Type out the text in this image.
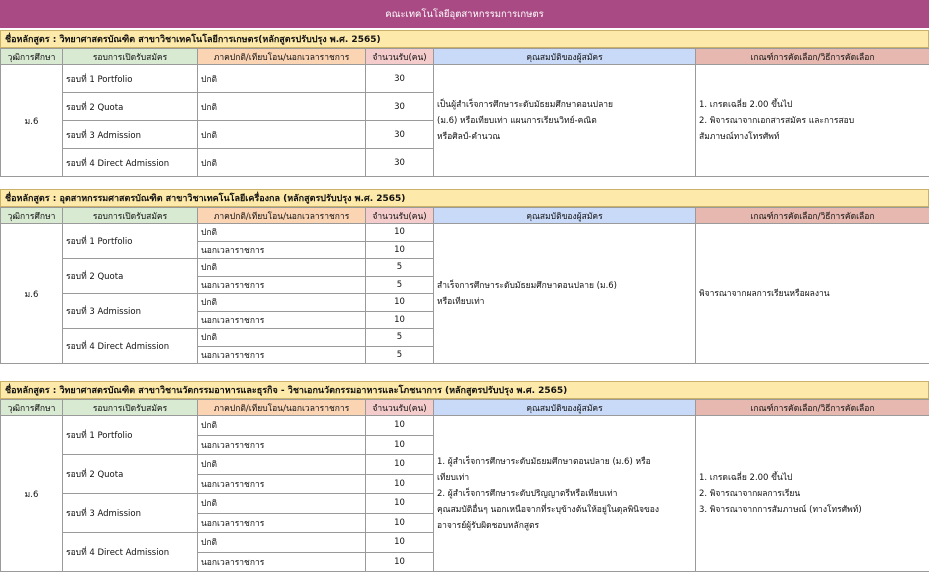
คณะเทคโนโลยีอุตสาหกรรมการเกษตร
ชื่อหลักสูตร : วิทยาศาสตรบัณฑิต สาขาวิชาเทคโนโลยีการเกษตร(หลักสูตรปรับปรุง พ.ศ. 2565)
วุฒิการศึกษา	รอบการเปิดรับสมัคร	ภาคปกติ/เทียบโอน/นอกเวลาราชการ	จำนวนรับ(คน)	คุณสมบัติของผู้สมัคร	เกณฑ์การคัดเลือก/วิธีการคัดเลือก
ม.6	รอบที่ 1 Portfolio	ปกติ	30	เป็นผู้สำเร็จการศึกษาระดับมัธยมศึกษาตอนปลาย
(ม.6) หรือเทียบเท่า แผนการเรียนวิทย์-คณิต
หรือศิลป์-คำนวณ	1. เกรดเฉลี่ย 2.00 ขึ้นไป
2. พิจารณาจากเอกสารสมัคร และการสอบ
สัมภาษณ์ทางโทรศัพท์

	รอบที่ 2 Quota	ปกติ	30		
	รอบที่ 3 Admission	ปกติ	30		
	รอบที่ 4 Direct Admission	ปกติ	30		
ชื่อหลักสูตร : อุตสาหกรรมศาสตรบัณฑิต สาขาวิชาเทคโนโลยีเครื่องกล (หลักสูตรปรับปรุง พ.ศ. 2565)
วุฒิการศึกษา	รอบการเปิดรับสมัคร	ภาคปกติ/เทียบโอน/นอกเวลาราชการ	จำนวนรับ(คน)	คุณสมบัติของผู้สมัคร	เกณฑ์การคัดเลือก/วิธีการคัดเลือก
ม.6	รอบที่ 1 Portfolio	ปกติ	10	สำเร็จการศึกษาระดับมัธยมศึกษาตอนปลาย (ม.6)
หรือเทียบเท่า	พิจารณาจากผลการเรียนหรือผลงาน

		นอกเวลาราชการ	10		
	รอบที่ 2 Quota	ปกติ	5		
		นอกเวลาราชการ	5		
	รอบที่ 3 Admission	ปกติ	10		
		นอกเวลาราชการ	10		
	รอบที่ 4 Direct Admission	ปกติ	5		
		นอกเวลาราชการ	5		
ชื่อหลักสูตร : วิทยาศาสตรบัณฑิต สาขาวิชานวัตกรรมอาหารและธุรกิจ - วิชาเอกนวัตกรรมอาหารและโภชนาการ (หลักสูตรปรับปรุง พ.ศ. 2565)
วุฒิการศึกษา	รอบการเปิดรับสมัคร	ภาคปกติ/เทียบโอน/นอกเวลาราชการ	จำนวนรับ(คน)	คุณสมบัติของผู้สมัคร	เกณฑ์การคัดเลือก/วิธีการคัดเลือก
ม.6	รอบที่ 1 Portfolio	ปกติ	10	1. ผู้สำเร็จการศึกษาระดับมัธยมศึกษาตอนปลาย (ม.6) หรือ
เทียบเท่า
2. ผู้สำเร็จการศึกษาระดับปริญญาตรีหรือเทียบเท่า
คุณสมบัติอื่นๆ นอกเหนือจากที่ระบุข้างต้นให้อยู่ในดุลพินิจของ
อาจารย์ผู้รับผิดชอบหลักสูตร	1. เกรดเฉลี่ย 2.00 ขึ้นไป
2. พิจารณาจากผลการเรียน
3. พิจารณาจากการสัมภาษณ์ (ทางโทรศัพท์)

		นอกเวลาราชการ	10		
	รอบที่ 2 Quota	ปกติ	10		
		นอกเวลาราชการ	10		
	รอบที่ 3 Admission	ปกติ	10		
		นอกเวลาราชการ	10		
	รอบที่ 4 Direct Admission	ปกติ	10		
		นอกเวลาราชการ	10		
